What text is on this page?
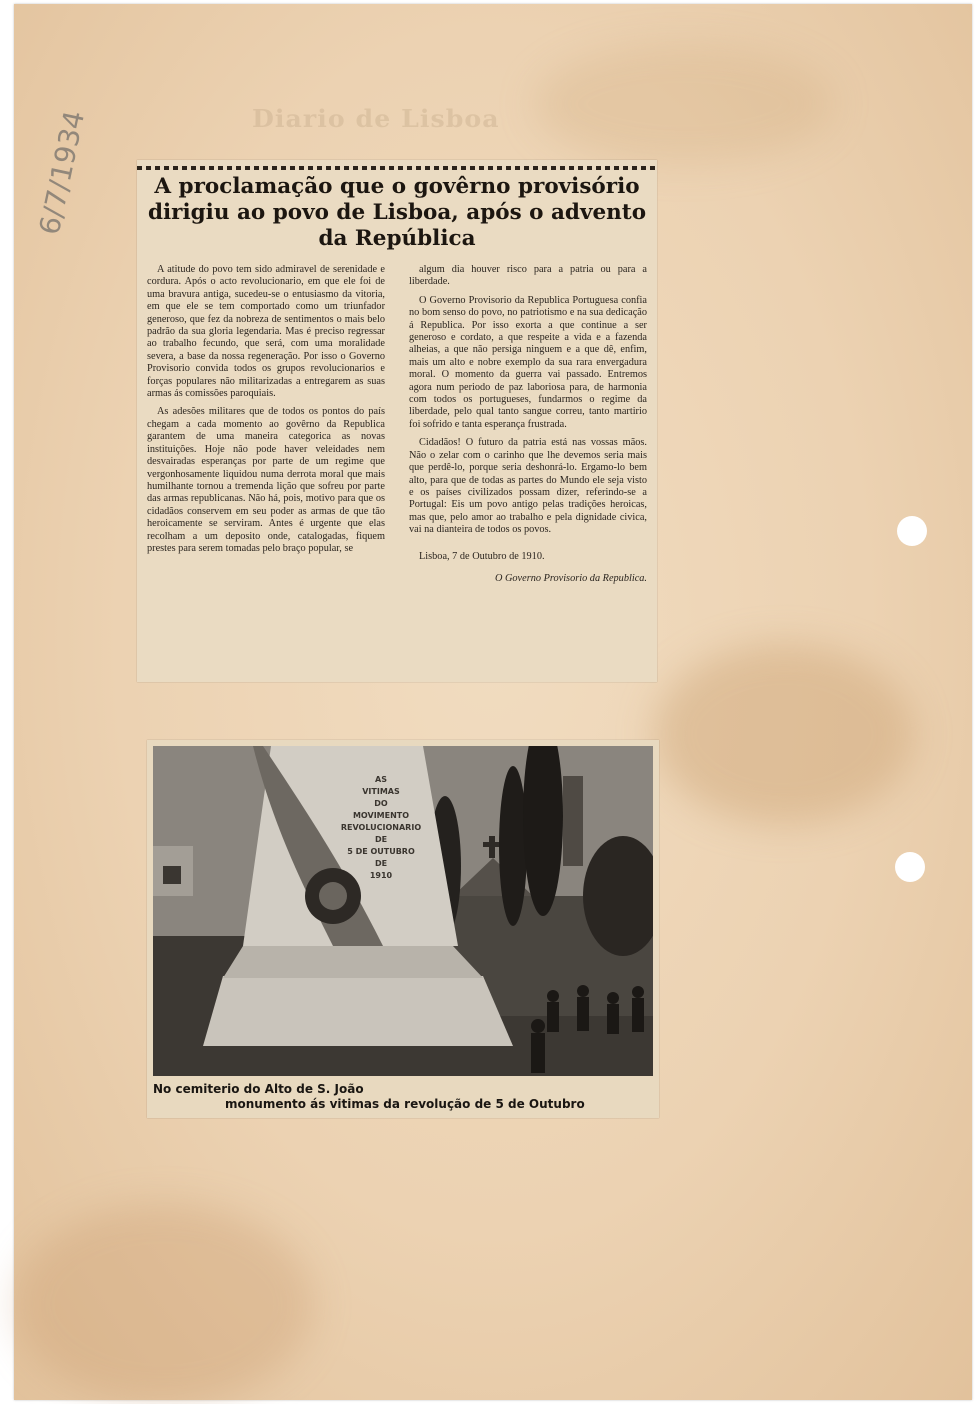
Diario de Lisboa
6/7/1934	A proclamação que o govêrno provisório dirigiu ao povo de Lisboa, após o advento da República

A atitude do povo tem sido admiravel de serenidade e cordura. Após o acto revolucionario, em que ele foi de uma bravura antiga, sucedeu-se o entusiasmo da vitoria, em que ele se tem comportado como um triunfador generoso, que fez da nobreza de sentimentos o mais belo padrão da sua gloria legendaria. Mas é preciso regressar ao trabalho fecundo, que será, com uma moralidade severa, a base da nossa regeneração. Por isso o Governo Provisorio convida todos os grupos revolucionarios e forças populares não militarizadas a entregarem as suas armas ás comissões paroquiais.

As adesões militares que de todos os pontos do país chegam a cada momento ao govêrno da Republica garantem de uma maneira categorica as novas instituições. Hoje não pode haver veleidades nem desvairadas esperanças por parte de um regime que vergonhosamente liquidou numa derrota moral que mais humilhante tornou a tremenda lição que sofreu por parte das armas republicanas. Não há, pois, motivo para que os cidadãos conservem em seu poder as armas de que tão heroicamente se serviram. Antes é urgente que elas recolham a um deposito onde, catalogadas, fiquem prestes para serem tomadas pelo braço popular, se

algum dia houver risco para a patria ou para a liberdade.

O Governo Provisorio da Republica Portuguesa confia no bom senso do povo, no patriotismo e na sua dedicação á Republica. Por isso exorta a que continue a ser generoso e cordato, a que respeite a vida e a fazenda alheias, a que não persiga ninguem e a que dê, enfim, mais um alto e nobre exemplo da sua rara envergadura moral. O momento da guerra vai passado. Entremos agora num periodo de paz laboriosa para, de harmonia com todos os portugueses, fundarmos o regime da liberdade, pelo qual tanto sangue correu, tanto martirio foi sofrido e tanta esperança frustrada.

Cidadãos! O futuro da patria está nas vossas mãos. Não o zelar com o carinho que lhe devemos seria mais que perdê-lo, porque seria deshonrá-lo. Ergamo-lo bem alto, para que de todas as partes do Mundo ele seja visto e os países civilizados possam dizer, referindo-se a Portugal: Eis um povo antigo pelas tradições heroicas, mas que, pelo amor ao trabalho e pela dignidade civica, vai na dianteira de todos os povos.

Lisboa, 7 de Outubro de 1910.

O Governo Provisorio da Republica.

AS
VITIMAS
DO
MOVIMENTO
REVOLUCIONARIO
DE
5 DE OUTUBRO
DE
1910
No cemiterio do Alto de S. João
monumento ás vitimas da revolução de 5 de Outubro
